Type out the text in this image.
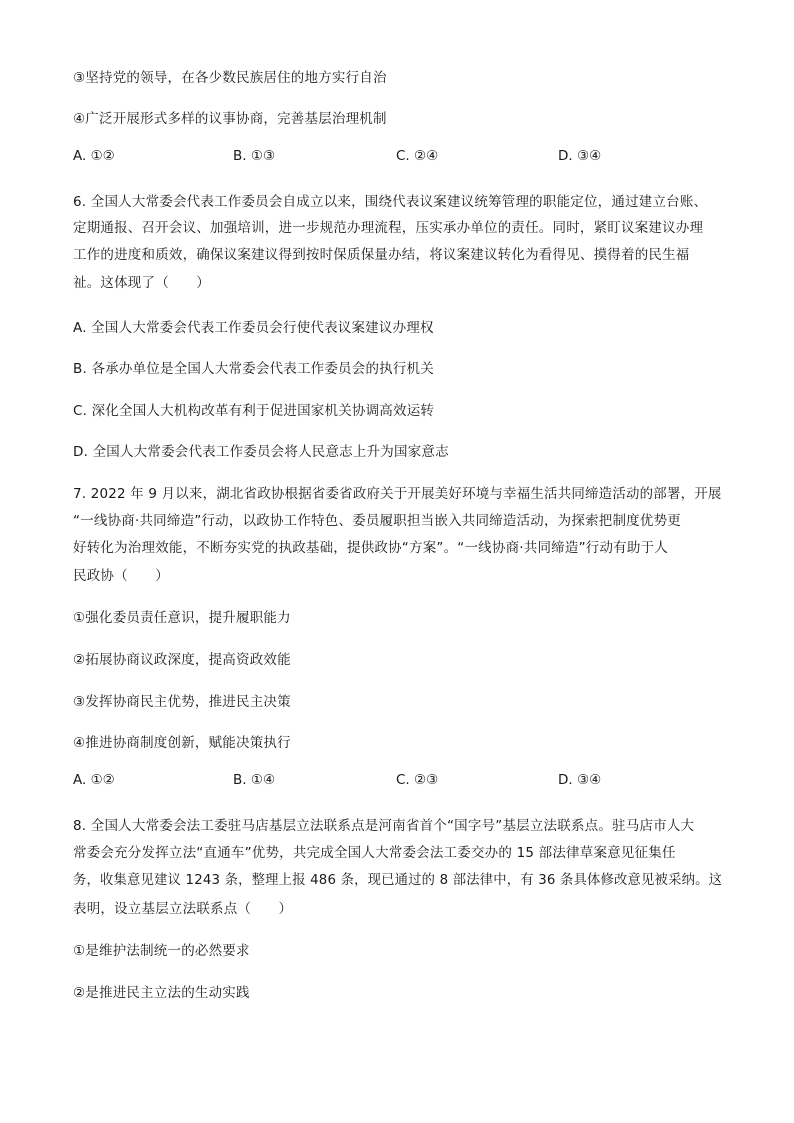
③坚持党的领导，在各少数民族居住的地方实行自治
④广泛开展形式多样的议事协商，完善基层治理机制
A. ①②	B. ①③	C. ②④	D. ③④
6. 全国人大常委会代表工作委员会自成立以来，围绕代表议案建议统筹管理的职能定位，通过建立台账、
定期通报、召开会议、加强培训，进一步规范办理流程，压实承办单位的责任。同时，紧盯议案建议办理
工作的进度和质效，确保议案建议得到按时保质保量办结，将议案建议转化为看得见、摸得着的民生福
祉。这体现了（　　）
A. 全国人大常委会代表工作委员会行使代表议案建议办理权
B. 各承办单位是全国人大常委会代表工作委员会的执行机关
C. 深化全国人大机构改革有利于促进国家机关协调高效运转
D. 全国人大常委会代表工作委员会将人民意志上升为国家意志
7. 2022 年 9 月以来，湖北省政协根据省委省政府关于开展美好环境与幸福生活共同缔造活动的部署，开展
“一线协商·共同缔造”行动，以政协工作特色、委员履职担当嵌入共同缔造活动，为探索把制度优势更
好转化为治理效能，不断夯实党的执政基础，提供政协“方案”。“一线协商·共同缔造”行动有助于人
民政协（　　）
①强化委员责任意识，提升履职能力
②拓展协商议政深度，提高资政效能
③发挥协商民主优势，推进民主决策
④推进协商制度创新，赋能决策执行
A. ①②	B. ①④	C. ②③	D. ③④
8. 全国人大常委会法工委驻马店基层立法联系点是河南省首个“国字号”基层立法联系点。驻马店市人大
常委会充分发挥立法“直通车”优势，共完成全国人大常委会法工委交办的 15 部法律草案意见征集任
务，收集意见建议 1243 条，整理上报 486 条，现已通过的 8 部法律中，有 36 条具体修改意见被采纳。这
表明，设立基层立法联系点（　　）
①是维护法制统一的必然要求
②是推进民主立法的生动实践
